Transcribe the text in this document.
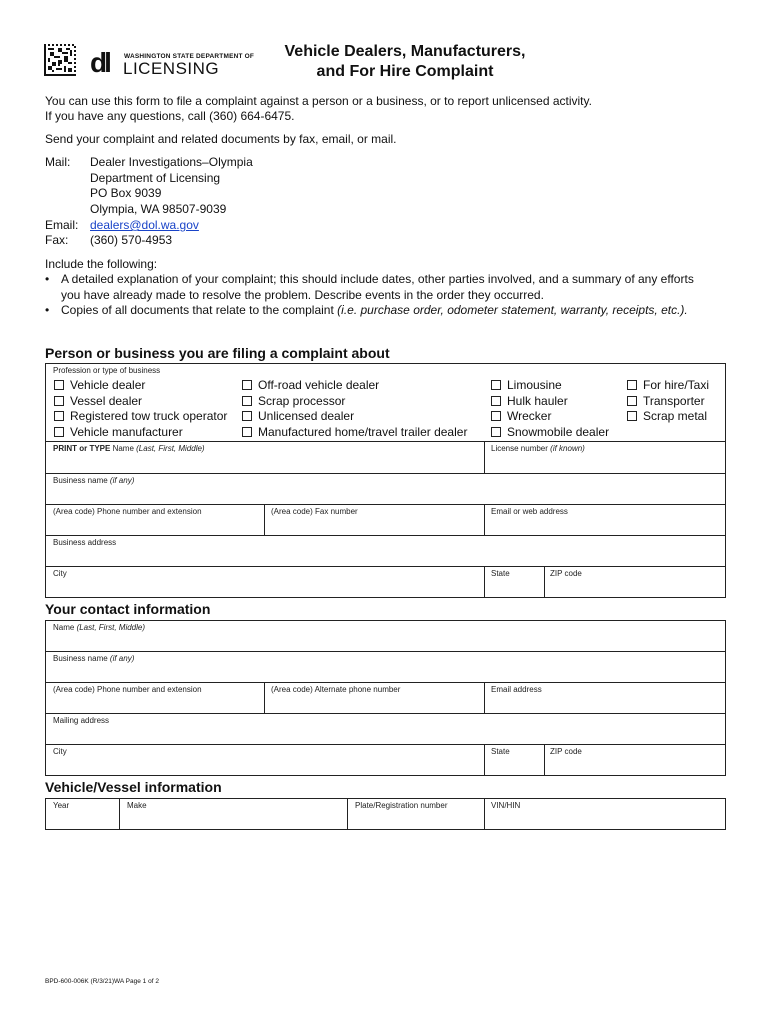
dl WASHINGTON STATE DEPARTMENT OF
LICENSING
Vehicle Dealers, Manufacturers,
and For Hire Complaint
You can use this form to file a complaint against a person or a business, or to report unlicensed activity.
If you have any questions, call (360) 664-6475.
Send your complaint and related documents by fax, email, or mail.
Mail: Dealer Investigations–Olympia
Department of Licensing
PO Box 9039
Olympia, WA 98507-9039
Email: dealers@dol.wa.gov
Fax: (360) 570-4953
Include the following:
• A detailed explanation of your complaint; this should include dates, other parties involved, and a summary of any efforts
you have already made to resolve the problem. Describe events in the order they occurred.
• Copies of all documents that relate to the complaint (i.e. purchase order, odometer statement, warranty, receipts, etc.).
Person or business you are filing a complaint about
Profession or type of business
Vehicle dealer
Vessel dealer
Registered tow truck operator
Vehicle manufacturer
Off-road vehicle dealer
Scrap processor
Unlicensed dealer
Manufactured home/travel trailer dealer
Limousine
Hulk hauler
Wrecker
Snowmobile dealer
For hire/Taxi
Transporter
Scrap metal
PRINT or TYPE Name (Last, First, Middle)	License number (if known)
Business name (if any)
(Area code) Phone number and extension	(Area code) Fax number	Email or web address
Business address
City	State	ZIP code
Your contact information
Name (Last, First, Middle)
Business name (if any)
(Area code) Phone number and extension	(Area code) Alternate phone number	Email address
Mailing address
City	State	ZIP code
Vehicle/Vessel information
Year	Make	Plate/Registration number	VIN/HIN
BPD-600-006K (R/3/21)WA Page 1 of 2
